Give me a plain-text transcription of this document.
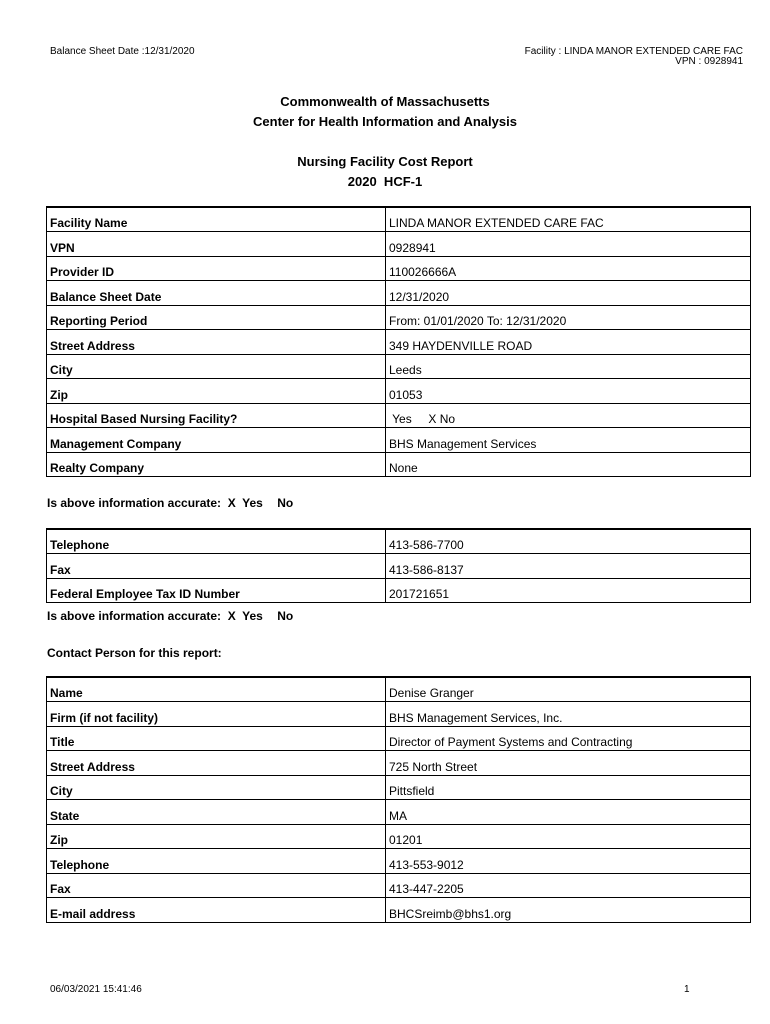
Balance Sheet Date :12/31/2020	Facility : LINDA MANOR EXTENDED CARE FAC
VPN : 0928941
Commonwealth of Massachusetts
Center for Health Information and Analysis
Nursing Facility Cost Report
2020  HCF-1
Facility Name	LINDA MANOR EXTENDED CARE FAC
VPN	0928941
Provider ID	110026666A
Balance Sheet Date	12/31/2020
Reporting Period	From: 01/01/2020 To: 12/31/2020
Street Address	349 HAYDENVILLE ROAD
City	Leeds
Zip	01053
Hospital Based Nursing Facility?	Yes     X No
Management Company	BHS Management Services
Realty Company	None
Is above information accurate:  X  Yes No
Telephone	413-586-7700
Fax	413-586-8137
Federal Employee Tax ID Number	201721651
Is above information accurate:  X  Yes No
Contact Person for this report:
Name	Denise Granger
Firm (if not facility)	BHS Management Services, Inc.
Title	Director of Payment Systems and Contracting
Street Address	725 North Street
City	Pittsfield
State	MA
Zip	01201
Telephone	413-553-9012
Fax	413-447-2205
E-mail address	BHCSreimb@bhs1.org
06/03/2021 15:41:46	1
